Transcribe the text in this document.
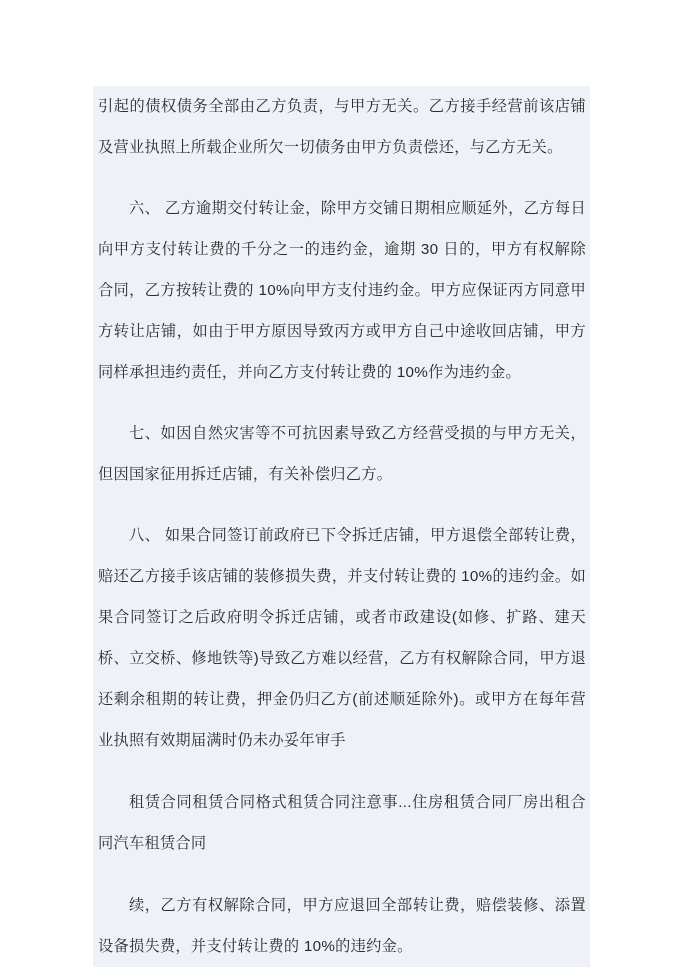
引起的债权债务全部由乙方负责，与甲方无关。乙方接手经营前该店铺及营业执照上所载企业所欠一切债务由甲方负责偿还，与乙方无关。

六、 乙方逾期交付转让金，除甲方交铺日期相应顺延外，乙方每日向甲方支付转让费的千分之一的违约金，逾期 30 日的，甲方有权解除合同，乙方按转让费的 10%向甲方支付违约金。甲方应保证丙方同意甲方转让店铺，如由于甲方原因导致丙方或甲方自己中途收回店铺，甲方同样承担违约责任，并向乙方支付转让费的 10%作为违约金。

七、如因自然灾害等不可抗因素导致乙方经营受损的与甲方无关，但因国家征用拆迁店铺，有关补偿归乙方。

八、 如果合同签订前政府已下令拆迁店铺，甲方退偿全部转让费，赔还乙方接手该店铺的装修损失费，并支付转让费的 10%的违约金。如果合同签订之后政府明令拆迁店铺，或者市政建设(如修、扩路、建天桥、立交桥、修地铁等)导致乙方难以经营，乙方有权解除合同，甲方退还剩余租期的转让费，押金仍归乙方(前述顺延除外)。或甲方在每年营业执照有效期届满时仍未办妥年审手

租赁合同租赁合同格式租赁合同注意事...住房租赁合同厂房出租合同汽车租赁合同

续，乙方有权解除合同，甲方应退回全部转让费，赔偿装修、添置设备损失费，并支付转让费的 10%的违约金。
